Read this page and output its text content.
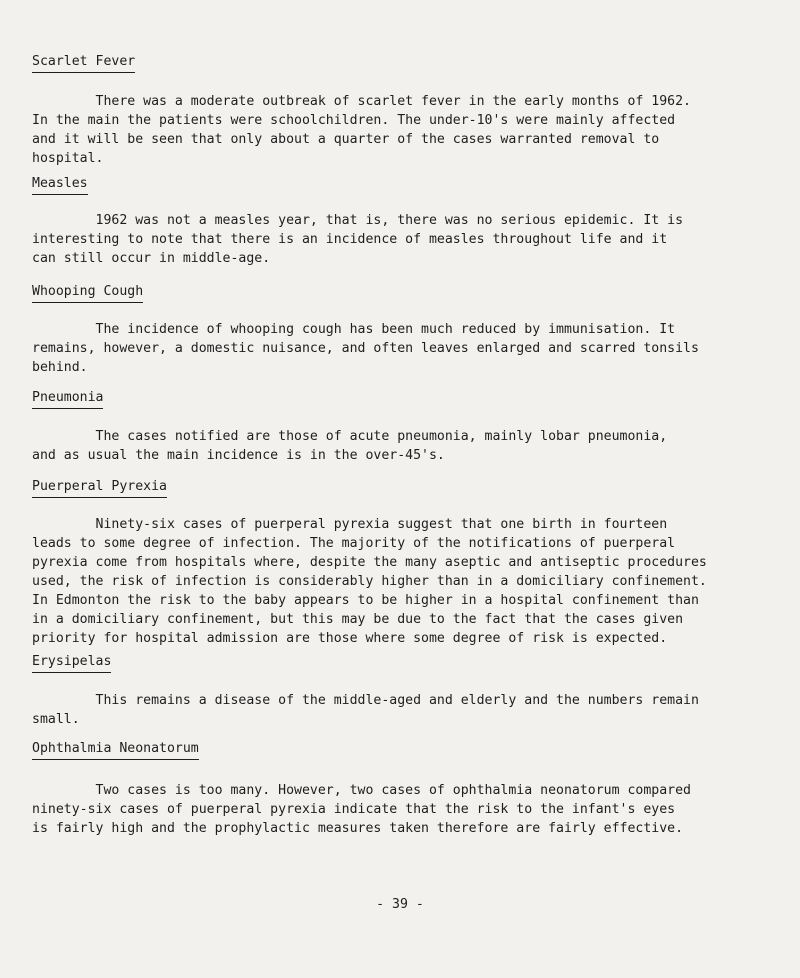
Scarlet Fever
There was a moderate outbreak of scarlet fever in the early months of 1962.
In the main the patients were schoolchildren. The under-10's were mainly affected
and it will be seen that only about a quarter of the cases warranted removal to
hospital.
Measles
1962 was not a measles year, that is, there was no serious epidemic. It is
interesting to note that there is an incidence of measles throughout life and it
can still occur in middle-age.
Whooping Cough
The incidence of whooping cough has been much reduced by immunisation. It
remains, however, a domestic nuisance, and often leaves enlarged and scarred tonsils
behind.
Pneumonia
The cases notified are those of acute pneumonia, mainly lobar pneumonia,
and as usual the main incidence is in the over-45's.
Puerperal Pyrexia
Ninety-six cases of puerperal pyrexia suggest that one birth in fourteen
leads to some degree of infection. The majority of the notifications of puerperal
pyrexia come from hospitals where, despite the many aseptic and antiseptic procedures
used, the risk of infection is considerably higher than in a domiciliary confinement.
In Edmonton the risk to the baby appears to be higher in a hospital confinement than
in a domiciliary confinement, but this may be due to the fact that the cases given
priority for hospital admission are those where some degree of risk is expected.
Erysipelas
This remains a disease of the middle-aged and elderly and the numbers remain
small.
Ophthalmia Neonatorum
Two cases is too many. However, two cases of ophthalmia neonatorum compared
ninety-six cases of puerperal pyrexia indicate that the risk to the infant's eyes
is fairly high and the prophylactic measures taken therefore are fairly effective.
- 39 -
